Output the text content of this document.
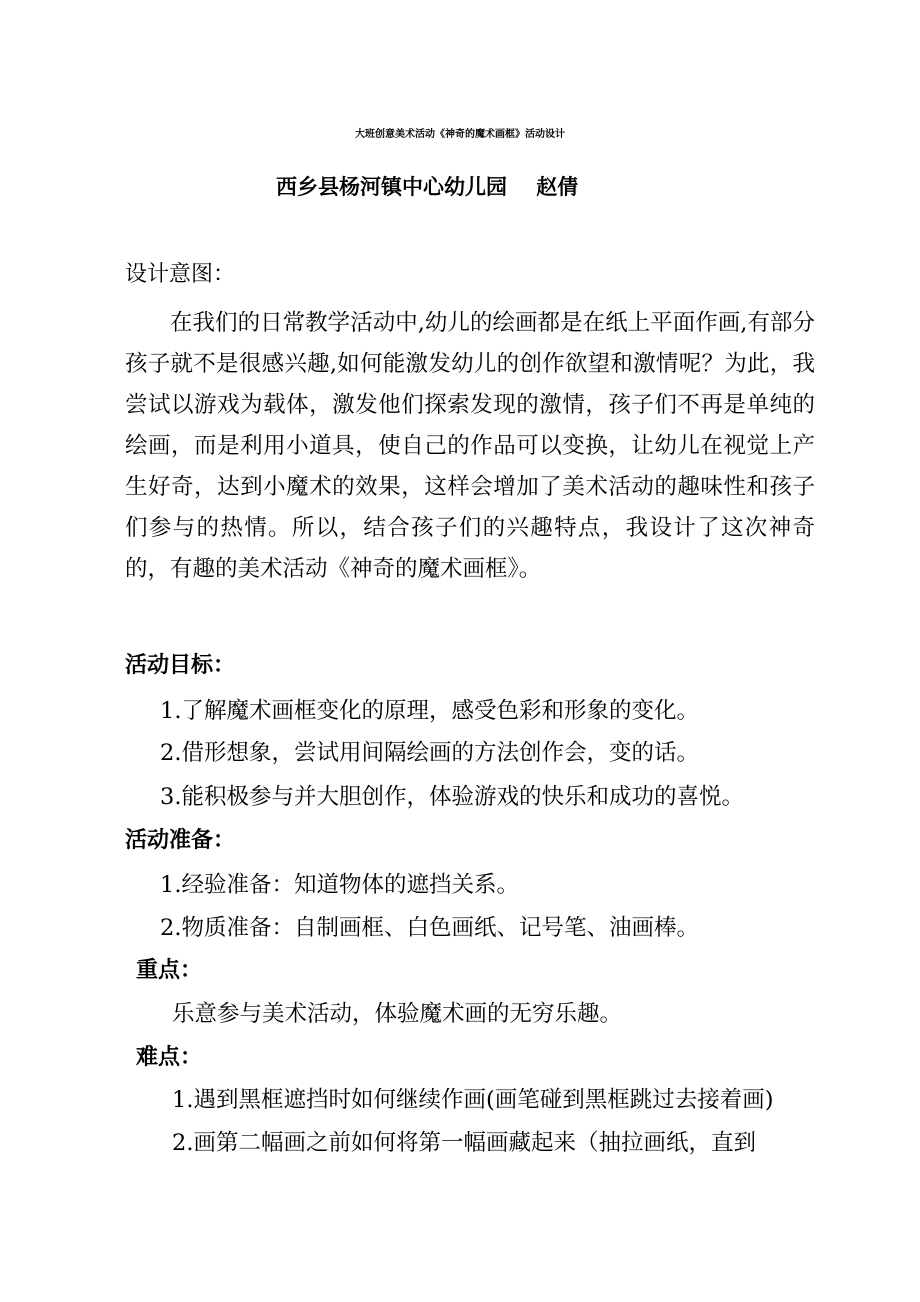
大班创意美术活动《神奇的魔术画框》活动设计
西乡县杨河镇中心幼儿园    赵倩
设计意图：

在我们的日常教学活动中,幼儿的绘画都是在纸上平面作画,有部分孩子就不是很感兴趣,如何能激发幼儿的创作欲望和激情呢？为此，我尝试以游戏为载体，激发他们探索发现的激情，孩子们不再是单纯的绘画，而是利用小道具，使自己的作品可以变换，让幼儿在视觉上产生好奇，达到小魔术的效果，这样会增加了美术活动的趣味性和孩子们参与的热情。所以，结合孩子们的兴趣特点，我设计了这次神奇的，有趣的美术活动《神奇的魔术画框》。

活动目标：
1.了解魔术画框变化的原理，感受色彩和形象的变化。
2.借形想象，尝试用间隔绘画的方法创作会，变的话。
3.能积极参与并大胆创作，体验游戏的快乐和成功的喜悦。
活动准备：
1.经验准备：知道物体的遮挡关系。
2.物质准备：自制画框、白色画纸、记号笔、油画棒。
重点：
乐意参与美术活动，体验魔术画的无穷乐趣。
难点：
1.遇到黑框遮挡时如何继续作画(画笔碰到黑框跳过去接着画)
2.画第二幅画之前如何将第一幅画藏起来（抽拉画纸，直到
